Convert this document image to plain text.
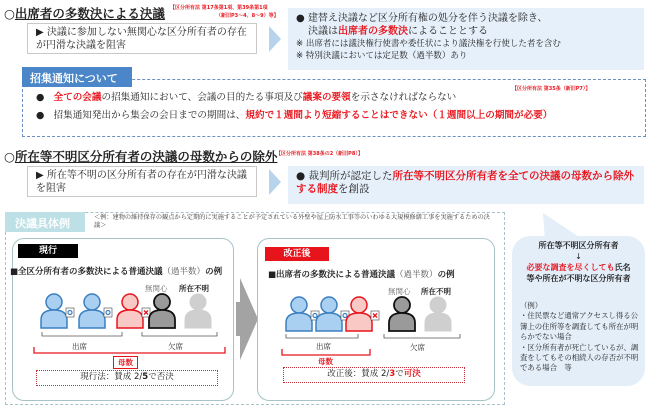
○出席者の多数決による決議 【区分所有法 第17条第1項、第39条第1項
（新旧P3～4、8～9）等】
▶ 決議に参加しない無関心な区分所有者の存在が円滑な決議を阻害
● 建替え決議など区分所有権の処分を伴う決議を除き、
決議は出席者の多数決によることとする
※ 出席者には議決権行使書や委任状により議決権を行使した者を含む
※ 特別決議においては定足数（過半数）あり
招集通知について
【区分所有法 第35条（新旧P7）】
●   全ての会議の招集通知において、会議の目的たる事項及び議案の要領を示さなければならない
●   招集通知発出から集会の会日までの期間は、規約で１週間より短縮することはできない（１週間以上の期間が必要）
○所在等不明区分所有者の決議の母数からの除外
【区分所有法 第38条の2（新旧P8）】
▶ 所在等不明の区分所有者の存在が円滑な決議を阻害
● 裁判所が認定した所在等不明区分所有者を全ての決議の母数から除外する制度を創設
決議具体例	＜例：建物の維持保存の観点から定期的に実施することが予定されている外壁や屋上防水工事等のいわゆる大規模修繕工事を実施するための決議＞
現行
■全区分所有者の多数決による普通決議（過半数）の例
無関心 所在不明
出席	欠席
母数
現行法：賛成 2/5で否決
改正後
■出席者の多数決による普通決議（過半数）の例
無関心 所在不明
出席	欠席
母数
改正後：賛成 2/3で可決
所在等不明区分所有者
↓
必要な調査を尽くしても氏名
等や所在が不明な区分所有者
（例）
・住民票など通常アクセスし得る公簿上の住所等を調査しても所在が明らかでない場合
・区分所有者が死亡しているが、調査をしてもその相続人の存否が不明である場合　等
